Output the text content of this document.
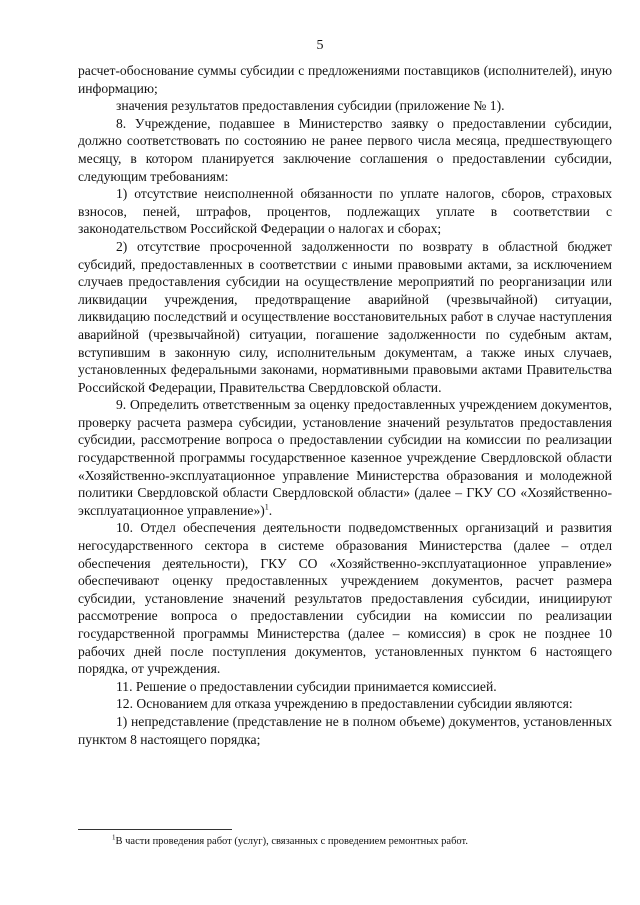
5

расчет-обоснование суммы субсидии с предложениями поставщиков (исполнителей), иную информацию;

значения результатов предоставления субсидии (приложение № 1).

8. Учреждение, подавшее в Министерство заявку о предоставлении субсидии, должно соответствовать по состоянию не ранее первого числа месяца, предшествующего месяцу, в котором планируется заключение соглашения о предоставлении субсидии, следующим требованиям:

1) отсутствие неисполненной обязанности по уплате налогов, сборов, страховых взносов, пеней, штрафов, процентов, подлежащих уплате в соответствии с законодательством Российской Федерации о налогах и сборах;

2) отсутствие просроченной задолженности по возврату в областной бюджет субсидий, предоставленных в соответствии с иными правовыми актами, за исключением случаев предоставления субсидии на осуществление мероприятий по реорганизации или ликвидации учреждения, предотвращение аварийной (чрезвычайной) ситуации, ликвидацию последствий и осуществление восстановительных работ в случае наступления аварийной (чрезвычайной) ситуации, погашение задолженности по судебным актам, вступившим в законную силу, исполнительным документам, а также иных случаев, установленных федеральными законами, нормативными правовыми актами Правительства Российской Федерации, Правительства Свердловской области.

9. Определить ответственным за оценку предоставленных учреждением документов, проверку расчета размера субсидии, установление значений результатов предоставления субсидии, рассмотрение вопроса о предоставлении субсидии на комиссии по реализации государственной программы государственное казенное учреждение Свердловской области «Хозяйственно-эксплуатационное управление Министерства образования и молодежной политики Свердловской области Свердловской области» (далее – ГКУ СО «Хозяйственно-эксплуатационное управление»)$^1$.

10. Отдел обеспечения деятельности подведомственных организаций и развития негосударственного сектора в системе образования Министерства (далее – отдел обеспечения деятельности), ГКУ СО «Хозяйственно-эксплуатационное управление» обеспечивают оценку предоставленных учреждением документов, расчет размера субсидии, установление значений результатов предоставления субсидии, инициируют рассмотрение вопроса о предоставлении субсидии на комиссии по реализации государственной программы Министерства (далее – комиссия) в срок не позднее 10 рабочих дней после поступления документов, установленных пунктом 6 настоящего порядка, от учреждения.

11. Решение о предоставлении субсидии принимается комиссией.

12. Основанием для отказа учреждению в предоставлении субсидии являются:

1) непредставление (представление не в полном объеме) документов, установленных пунктом 8 настоящего порядка;

$^1$В части проведения работ (услуг), связанных с проведением ремонтных работ.
